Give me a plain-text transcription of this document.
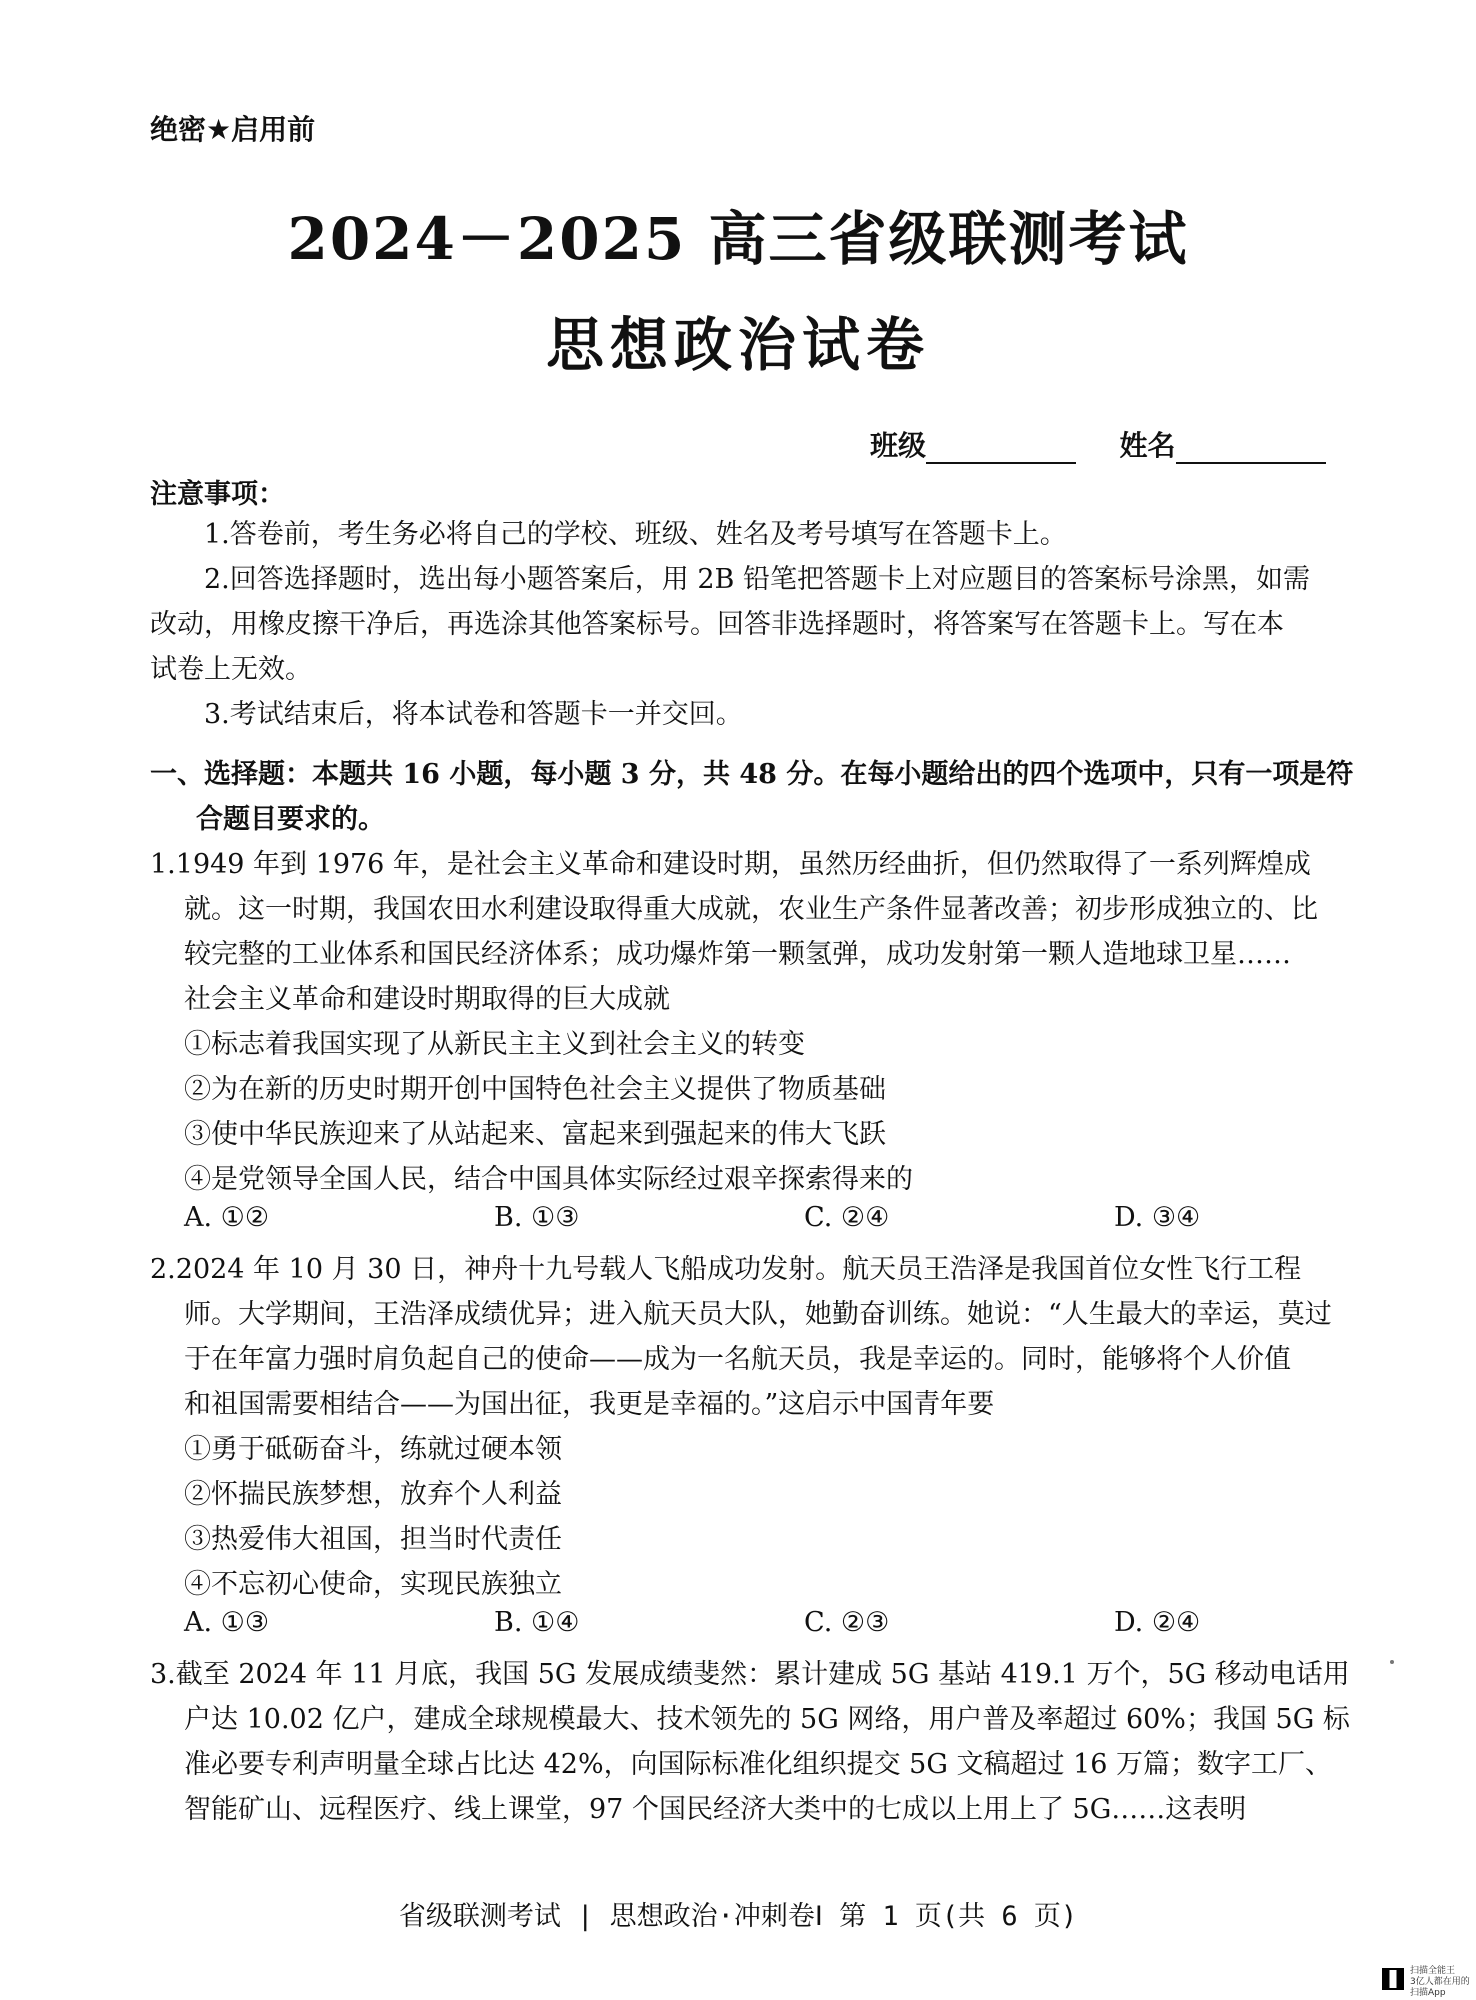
绝密★启用前
2024－2025 高三省级联测考试
思想政治试卷
班级	姓名
注意事项：
1.答卷前，考生务必将自己的学校、班级、姓名及考号填写在答题卡上。
2.回答选择题时，选出每小题答案后，用 2B 铅笔把答题卡上对应题目的答案标号涂黑，如需
改动，用橡皮擦干净后，再选涂其他答案标号。回答非选择题时，将答案写在答题卡上。写在本
试卷上无效。
3.考试结束后，将本试卷和答题卡一并交回。
一、选择题：本题共 16 小题，每小题 3 分，共 48 分。在每小题给出的四个选项中，只有一项是符
合题目要求的。
1.1949 年到 1976 年，是社会主义革命和建设时期，虽然历经曲折，但仍然取得了一系列辉煌成
就。这一时期，我国农田水利建设取得重大成就，农业生产条件显著改善；初步形成独立的、比
较完整的工业体系和国民经济体系；成功爆炸第一颗氢弹，成功发射第一颗人造地球卫星……
社会主义革命和建设时期取得的巨大成就
①标志着我国实现了从新民主主义到社会主义的转变
②为在新的历史时期开创中国特色社会主义提供了物质基础
③使中华民族迎来了从站起来、富起来到强起来的伟大飞跃
④是党领导全国人民，结合中国具体实际经过艰辛探索得来的
A. ①②	B. ①③	C. ②④	D. ③④
2.2024 年 10 月 30 日，神舟十九号载人飞船成功发射。航天员王浩泽是我国首位女性飞行工程
师。大学期间，王浩泽成绩优异；进入航天员大队，她勤奋训练。她说：“人生最大的幸运，莫过
于在年富力强时肩负起自己的使命——成为一名航天员，我是幸运的。同时，能够将个人价值
和祖国需要相结合——为国出征，我更是幸福的。”这启示中国青年要
①勇于砥砺奋斗，练就过硬本领
②怀揣民族梦想，放弃个人利益
③热爱伟大祖国，担当时代责任
④不忘初心使命，实现民族独立
A. ①③	B. ①④	C. ②③	D. ②④
3.截至 2024 年 11 月底，我国 5G 发展成绩斐然：累计建成 5G 基站 419.1 万个，5G 移动电话用
户达 10.02 亿户，建成全球规模最大、技术领先的 5G 网络，用户普及率超过 60%；我国 5G 标
准必要专利声明量全球占比达 42%，向国际标准化组织提交 5G 文稿超过 16 万篇；数字工厂、
智能矿山、远程医疗、线上课堂，97 个国民经济大类中的七成以上用上了 5G……这表明
省级联测考试 | 思想政治·冲刺卷Ⅰ 第 1 页(共 6 页)
扫描全能王
3亿人都在用的扫描App
